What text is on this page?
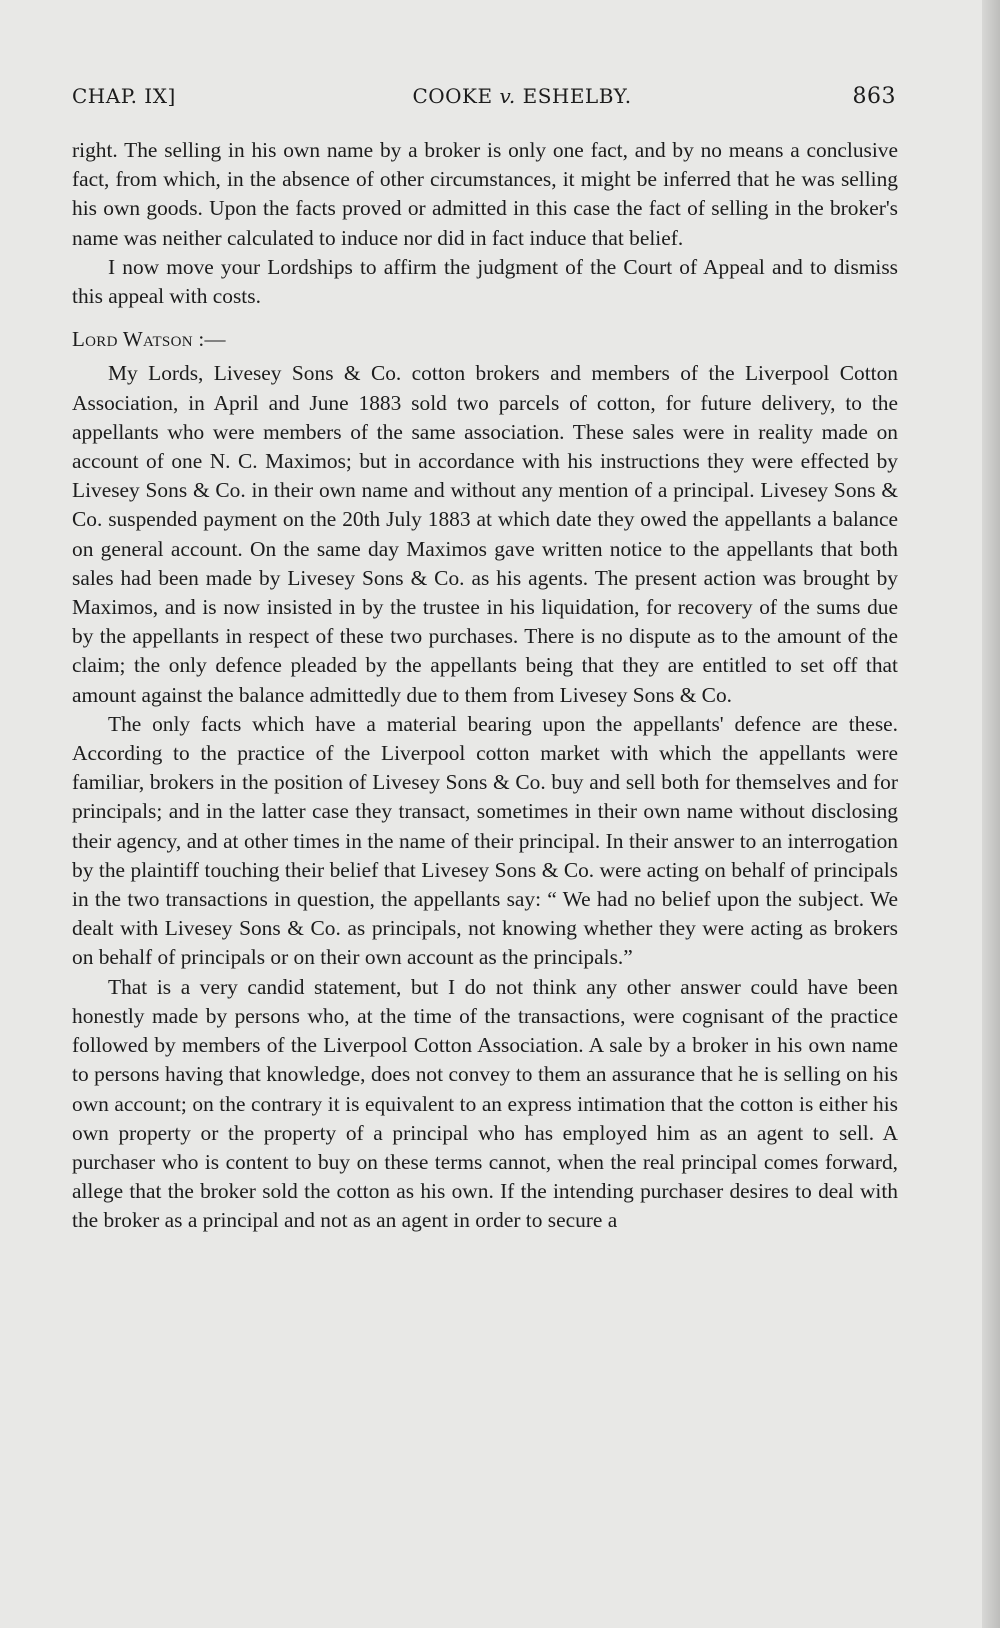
CHAP. IX]	COOKE v. ESHELBY.	863

right. The selling in his own name by a broker is only one fact, and by no means a conclusive fact, from which, in the absence of other circumstances, it might be inferred that he was selling his own goods. Upon the facts proved or admitted in this case the fact of selling in the broker's name was neither calculated to induce nor did in fact induce that belief.

I now move your Lordships to affirm the judgment of the Court of Appeal and to dismiss this appeal with costs.

Lord Watson :—

My Lords, Livesey Sons & Co. cotton brokers and members of the Liverpool Cotton Association, in April and June 1883 sold two parcels of cotton, for future delivery, to the appellants who were members of the same association. These sales were in reality made on account of one N. C. Maximos; but in accordance with his instructions they were effected by Livesey Sons & Co. in their own name and without any mention of a principal. Livesey Sons & Co. suspended payment on the 20th July 1883 at which date they owed the appellants a balance on general account. On the same day Maximos gave written notice to the appellants that both sales had been made by Livesey Sons & Co. as his agents. The present action was brought by Maximos, and is now insisted in by the trustee in his liquidation, for recovery of the sums due by the appellants in respect of these two purchases. There is no dispute as to the amount of the claim; the only defence pleaded by the appellants being that they are entitled to set off that amount against the balance admittedly due to them from Livesey Sons & Co.

The only facts which have a material bearing upon the appellants' defence are these. According to the practice of the Liverpool cotton market with which the appellants were familiar, brokers in the position of Livesey Sons & Co. buy and sell both for themselves and for principals; and in the latter case they transact, sometimes in their own name without disclosing their agency, and at other times in the name of their principal. In their answer to an interrogation by the plaintiff touching their belief that Livesey Sons & Co. were acting on behalf of principals in the two transactions in question, the appellants say: “ We had no belief upon the subject. We dealt with Livesey Sons & Co. as principals, not knowing whether they were acting as brokers on behalf of principals or on their own account as the principals.”

That is a very candid statement, but I do not think any other answer could have been honestly made by persons who, at the time of the transactions, were cognisant of the practice followed by members of the Liverpool Cotton Association. A sale by a broker in his own name to persons having that knowledge, does not convey to them an assurance that he is selling on his own account; on the contrary it is equivalent to an express intimation that the cotton is either his own property or the property of a principal who has employed him as an agent to sell. A purchaser who is content to buy on these terms cannot, when the real principal comes forward, allege that the broker sold the cotton as his own. If the intending purchaser desires to deal with the broker as a principal and not as an agent in order to secure a
